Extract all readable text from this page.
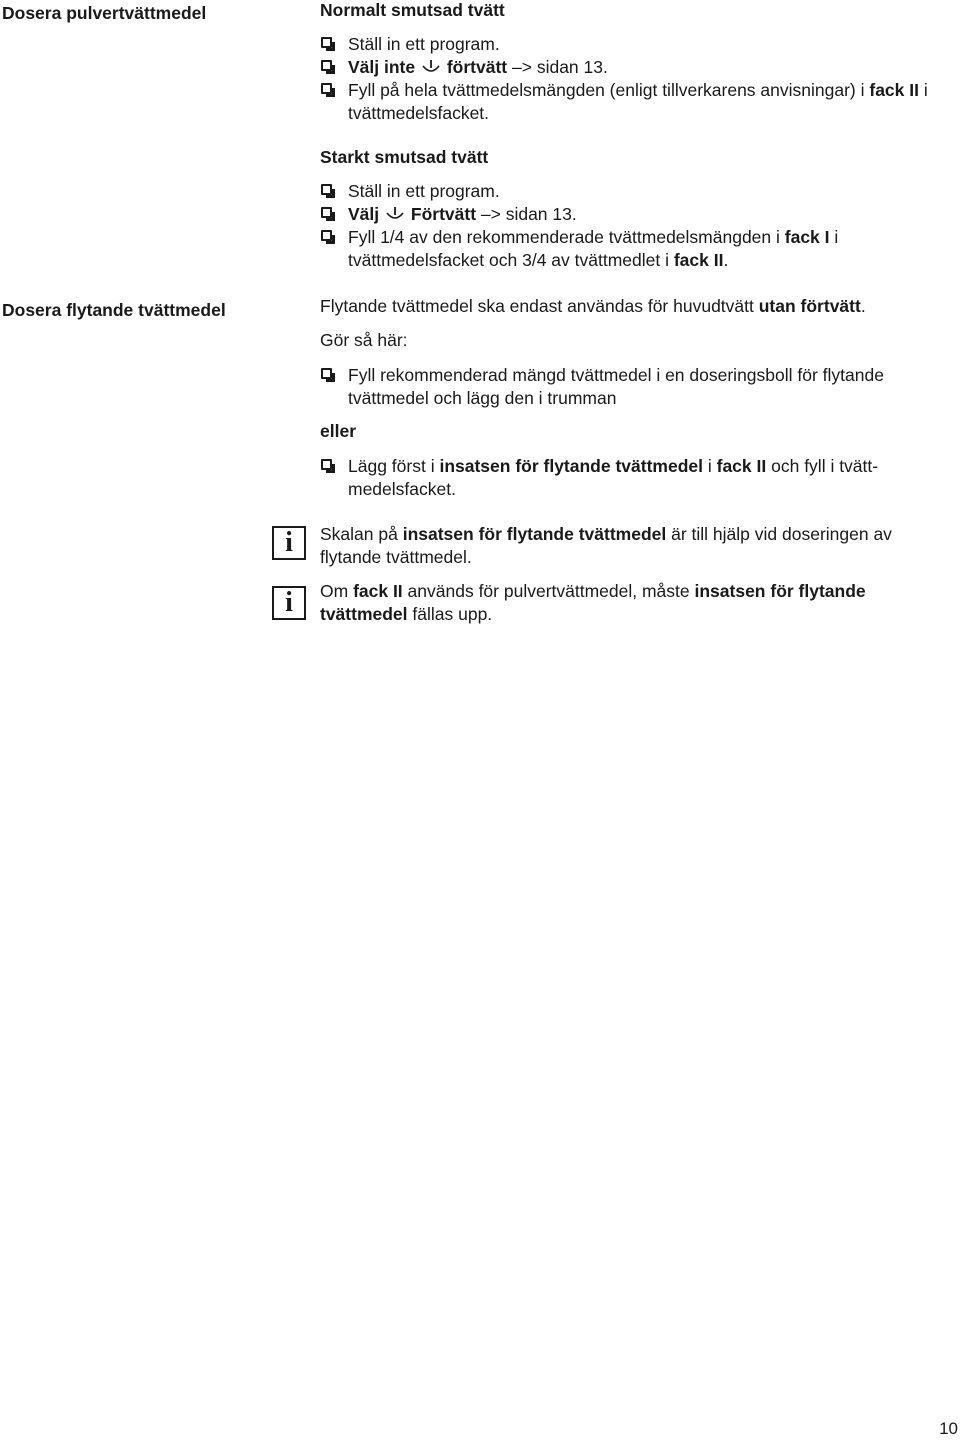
Dosera pulvertvättmedel
Dosera flytande tvättmedel
Normalt smutsad tvätt
Ställ in ett program.
Välj inte förtvätt –> sidan 13.
Fyll på hela tvättmedelsmängden (enligt tillverkarens anvisningar) i fack II i tvättmedelsfacket.
Starkt smutsad tvätt
Ställ in ett program.
Välj Förtvätt –> sidan 13.
Fyll 1/4 av den rekommenderade tvättmedelsmängden i fack I i tvättmedelsfacket och 3/4 av tvättmedlet i fack II.
Flytande tvättmedel ska endast användas för huvudtvätt utan förtvätt.
Gör så här:
Fyll rekommenderad mängd tvättmedel i en doseringsboll för flytande tvättmedel och lägg den i trumman
eller
Lägg först i insatsen för flytande tvättmedel i fack II och fyll i tvätt-medelsfacket.
i	Skalan på insatsen för flytande tvättmedel är till hjälp vid doseringen av flytande tvättmedel.
i	Om fack II används för pulvertvättmedel, måste insatsen för flytande tvättmedel fällas upp.
10
